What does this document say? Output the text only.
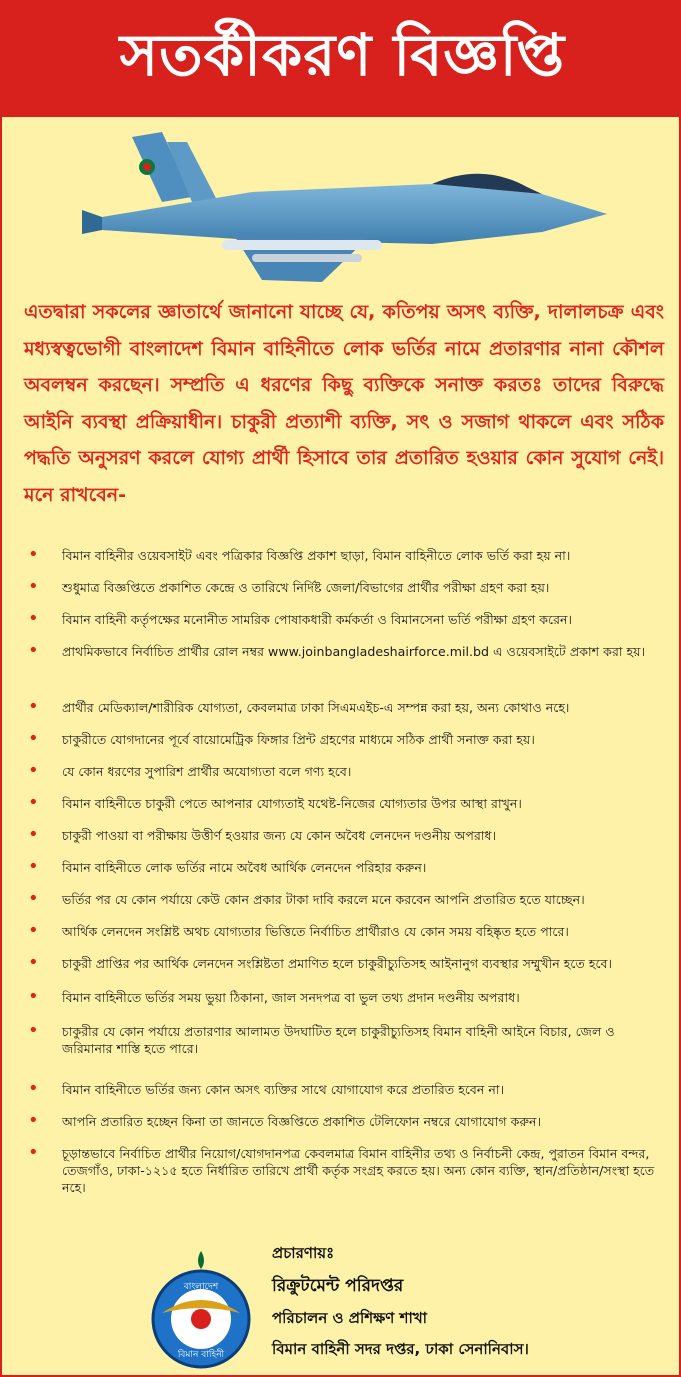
সতর্কীকরণ বিজ্ঞপ্তি
এতদ্বারা সকলের জ্ঞাতার্থে জানানো যাচ্ছে যে, কতিপয় অসৎ ব্যক্তি, দালালচক্র এবং মধ্যস্বত্বভোগী বাংলাদেশ বিমান বাহিনীতে লোক ভর্তির নামে প্রতারণার নানা কৌশল অবলম্বন করছেন। সম্প্রতি এ ধরণের কিছু ব্যক্তিকে সনাক্ত করতঃ তাদের বিরুদ্ধে আইনি ব্যবস্থা প্রক্রিয়াধীন। চাকুরী প্রত্যাশী ব্যক্তি, সৎ ও সজাগ থাকলে এবং সঠিক পদ্ধতি অনুসরণ করলে যোগ্য প্রার্থী হিসাবে তার প্রতারিত হওয়ার কোন সুযোগ নেই। মনে রাখবেন-
• বিমান বাহিনীর ওয়েবসাইট এবং পত্রিকার বিজ্ঞপ্তি প্রকাশ ছাড়া, বিমান বাহিনীতে লোক ভর্তি করা হয় না।
• শুধুমাত্র বিজ্ঞপ্তিতে প্রকাশিত কেন্দ্রে ও তারিখে নির্দিষ্ট জেলা/বিভাগের প্রার্থীর পরীক্ষা গ্রহণ করা হয়।
• বিমান বাহিনী কর্তৃপক্ষের মনোনীত সামরিক পোষাকধারী কর্মকর্তা ও বিমানসেনা ভর্তি পরীক্ষা গ্রহণ করেন।
• প্রাথমিকভাবে নির্বাচিত প্রার্থীর রোল নম্বর www.joinbangladeshairforce.mil.bd এ ওয়েবসাইটে প্রকাশ করা হয়।
• প্রার্থীর মেডিক্যাল/শারীরিক যোগ্যতা, কেবলমাত্র ঢাকা সিএমএইচ-এ সম্পন্ন করা হয়, অন্য কোথাও নহে।
• চাকুরীতে যোগদানের পূর্বে বায়োমেট্রিক ফিঙ্গার প্রিন্ট গ্রহণের মাধ্যমে সঠিক প্রার্থী সনাক্ত করা হয়।
• যে কোন ধরণের সুপারিশ প্রার্থীর অযোগ্যতা বলে গণ্য হবে।
• বিমান বাহিনীতে চাকুরী পেতে আপনার যোগ্যতাই যথেষ্ট-নিজের যোগ্যতার উপর আস্থা রাখুন।
• চাকুরী পাওয়া বা পরীক্ষায় উত্তীর্ণ হওয়ার জন্য যে কোন অবৈধ লেনদেন দণ্ডনীয় অপরাধ।
• বিমান বাহিনীতে লোক ভর্তির নামে অবৈধ আর্থিক লেনদেন পরিহার করুন।
• ভর্তির পর যে কোন পর্যায়ে কেউ কোন প্রকার টাকা দাবি করলে মনে করবেন আপনি প্রতারিত হতে যাচ্ছেন।
• আর্থিক লেনদেন সংশ্লিষ্ট অথচ যোগ্যতার ভিত্তিতে নির্বাচিত প্রার্থীরাও যে কোন সময় বহিষ্কৃত হতে পারে।
• চাকুরী প্রাপ্তির পর আর্থিক লেনদেন সংশ্লিষ্টতা প্রমাণিত হলে চাকুরীচ্যুতিসহ আইনানুগ ব্যবস্থার সম্মুখীন হতে হবে।
• বিমান বাহিনীতে ভর্তির সময় ভুয়া ঠিকানা, জাল সনদপত্র বা ভুল তথ্য প্রদান দণ্ডনীয় অপরাধ।
• চাকুরীর যে কোন পর্যায়ে প্রতারণার আলামত উদঘাটিত হলে চাকুরীচ্যুতিসহ বিমান বাহিনী আইনে বিচার, জেল ও জরিমানার শাস্তি হতে পারে।
• বিমান বাহিনীতে ভর্তির জন্য কোন অসৎ ব্যক্তির সাথে যোগাযোগ করে প্রতারিত হবেন না।
• আপনি প্রতারিত হচ্ছেন কিনা তা জানতে বিজ্ঞপ্তিতে প্রকাশিত টেলিফোন নম্বরে যোগাযোগ করুন।
• চূড়ান্তভাবে নির্বাচিত প্রার্থীর নিয়োগ/যোগদানপত্র কেবলমাত্র বিমান বাহিনীর তথ্য ও নির্বাচনী কেন্দ্র, পুরাতন বিমান বন্দর, তেজগাঁও, ঢাকা-১২১৫ হতে নির্ধারিত তারিখে প্রার্থী কর্তৃক সংগ্রহ করতে হয়। অন্য কোন ব্যক্তি, স্থান/প্রতিষ্ঠান/সংস্থা হতে নহে।
বাংলাদেশ
বিমান বাহিনী
প্রচারণায়ঃ
রিক্রুটমেন্ট পরিদপ্তর
পরিচালন ও প্রশিক্ষণ শাখা
বিমান বাহিনী সদর দপ্তর, ঢাকা সেনানিবাস।
